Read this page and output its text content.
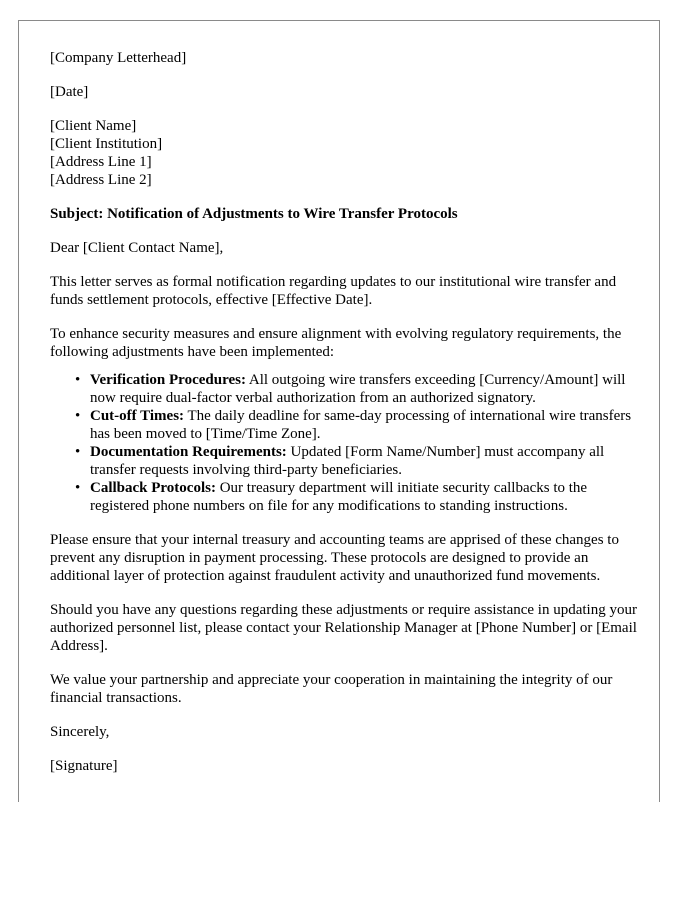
[Company Letterhead]

[Date]

[Client Name]
[Client Institution]
[Address Line 1]
[Address Line 2]

Subject: Notification of Adjustments to Wire Transfer Protocols

Dear [Client Contact Name],

This letter serves as formal notification regarding updates to our institutional wire transfer and funds settlement protocols, effective [Effective Date].

To enhance security measures and ensure alignment with evolving regulatory requirements, the following adjustments have been implemented:

• Verification Procedures: All outgoing wire transfers exceeding [Currency/Amount] will now require dual-factor verbal authorization from an authorized signatory.
• Cut-off Times: The daily deadline for same-day processing of international wire transfers has been moved to [Time/Time Zone].
• Documentation Requirements: Updated [Form Name/Number] must accompany all transfer requests involving third-party beneficiaries.
• Callback Protocols: Our treasury department will initiate security callbacks to the registered phone numbers on file for any modifications to standing instructions.

Please ensure that your internal treasury and accounting teams are apprised of these changes to prevent any disruption in payment processing. These protocols are designed to provide an additional layer of protection against fraudulent activity and unauthorized fund movements.

Should you have any questions regarding these adjustments or require assistance in updating your authorized personnel list, please contact your Relationship Manager at [Phone Number] or [Email Address].

We value your partnership and appreciate your cooperation in maintaining the integrity of our financial transactions.

Sincerely,

[Signature]
